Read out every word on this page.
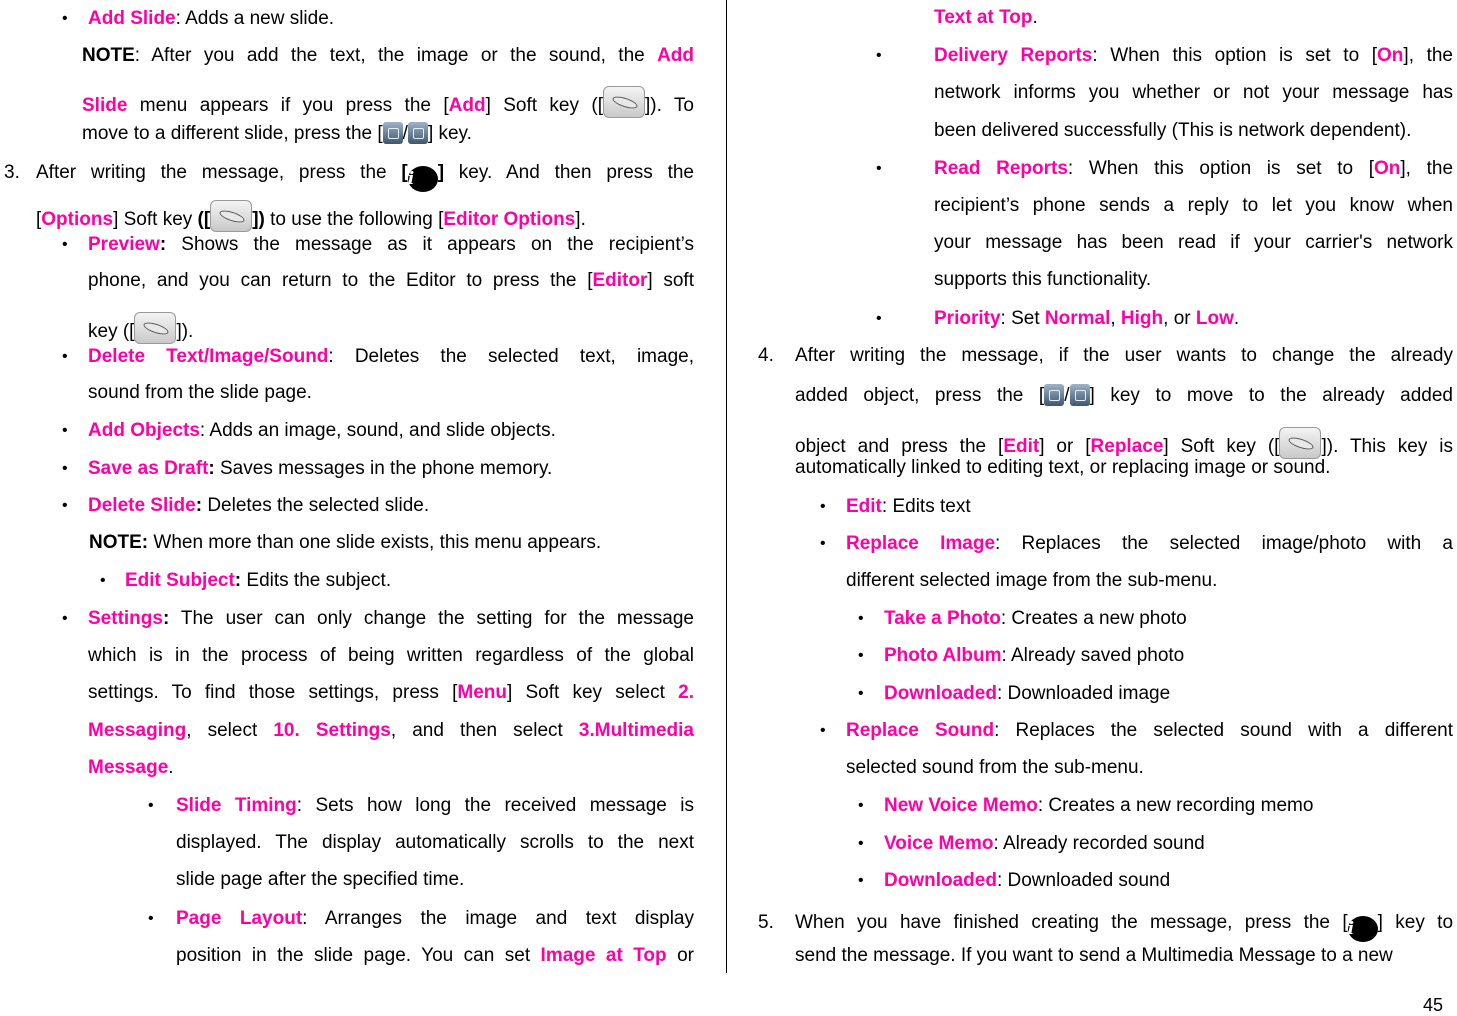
• Add Slide: Adds a new slide.
NOTE: After you add the text, the image or the sound, the Add
Slide menu appears if you press the [Add] Soft key ([ ]). To
move to a different slide, press the [ / ] key.
3. After writing the message, press the [i ] key. And then press the
[Options] Soft key ([ ]) to use the following [Editor Options].
• Preview: Shows the message as it appears on the recipient’s
phone, and you can return to the Editor to press the [Editor] soft
key ([ ]).
• Delete Text/Image/Sound: Deletes the selected text, image,
sound from the slide page.
• Add Objects: Adds an image, sound, and slide objects.
• Save as Draft: Saves messages in the phone memory.
• Delete Slide: Deletes the selected slide.
NOTE: When more than one slide exists, this menu appears.
• Edit Subject: Edits the subject.
• Settings: The user can only change the setting for the message
which is in the process of being written regardless of the global
settings. To find those settings, press [Menu] Soft key select 2.
Messaging, select 10. Settings, and then select 3.Multimedia
Message.
• Slide Timing: Sets how long the received message is
displayed. The display automatically scrolls to the next
slide page after the specified time.
• Page Layout: Arranges the image and text display
position in the slide page. You can set Image at Top or
Text at Top.
•	Delivery Reports: When this option is set to [On], the
network informs you whether or not your message has
been delivered successfully (This is network dependent).
•	Read Reports: When this option is set to [On], the
recipient’s phone sends a reply to let you know when
your message has been read if your carrier's network
supports this functionality.
•	Priority: Set Normal, High, or Low.
4. After writing the message, if the user wants to change the already
added object, press the [ / ] key to move to the already added
object and press the [Edit] or [Replace] Soft key ([ ]). This key is
automatically linked to editing text, or replacing image or sound.
• Edit: Edits text
• Replace Image: Replaces the selected image/photo with a
different selected image from the sub-menu.
• Take a Photo: Creates a new photo
• Photo Album: Already saved photo
• Downloaded: Downloaded image
• Replace Sound: Replaces the selected sound with a different
selected sound from the sub-menu.
• New Voice Memo: Creates a new recording memo
• Voice Memo: Already recorded sound
• Downloaded: Downloaded sound
5. When you have finished creating the message, press the [i ] key to
send the message. If you want to send a Multimedia Message to a new
45
